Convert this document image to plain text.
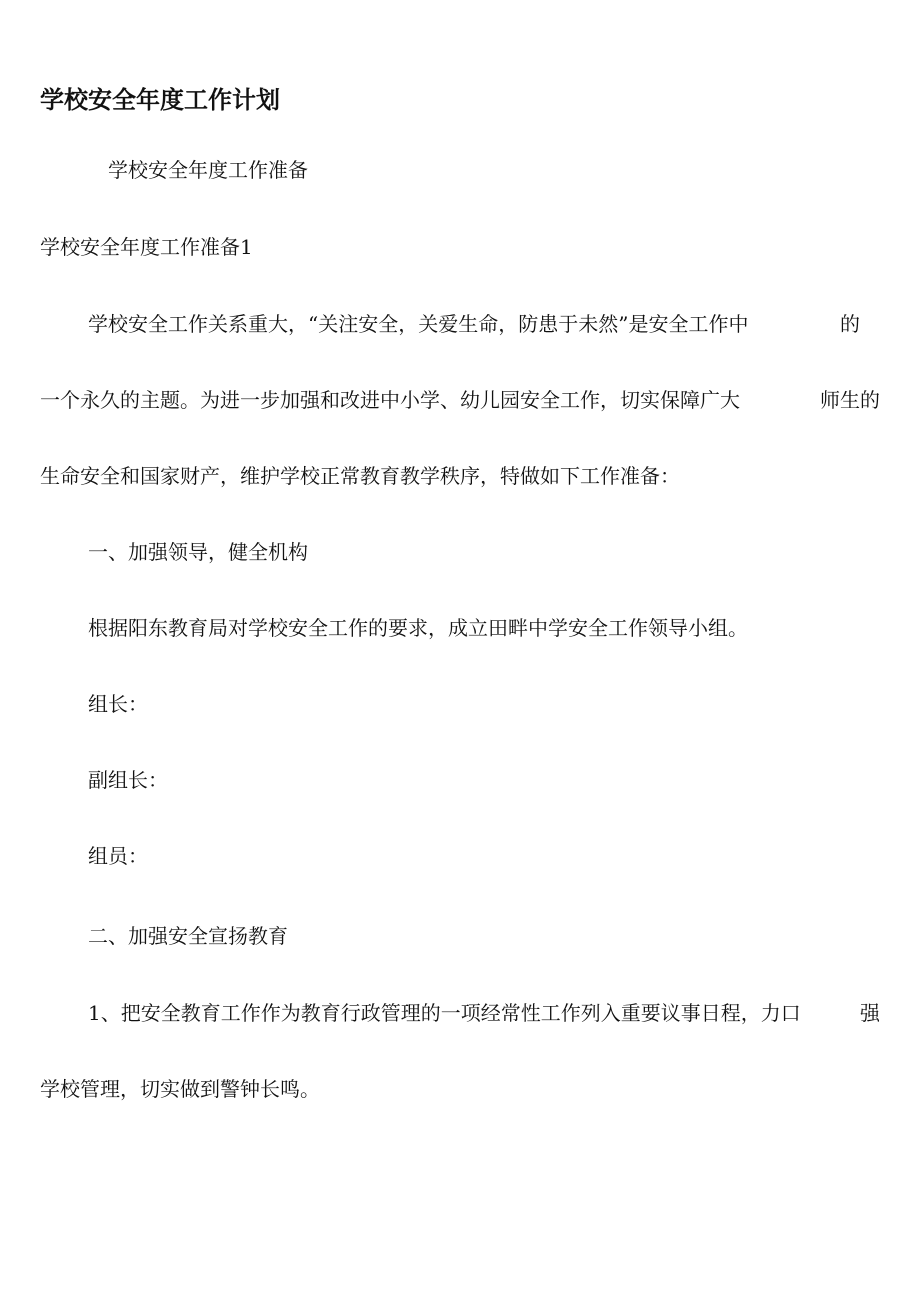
学校安全年度工作计划

学校安全年度工作准备

学校安全年度工作准备1

学校安全工作关系重大，“关注安全，关爱生命，防患于未然”是安全工作中	的

一个永久的主题。为进一步加强和改进中小学、幼儿园安全工作，切实保障广大	师生的

生命安全和国家财产，维护学校正常教育教学秩序，特做如下工作准备：

一、加强领导，健全机构

根据阳东教育局对学校安全工作的要求，成立田畔中学安全工作领导小组。

组长：

副组长：

组员：

二、加强安全宣扬教育

1、把安全教育工作作为教育行政管理的一项经常性工作列入重要议事日程，力口	强

学校管理，切实做到警钟长鸣。
